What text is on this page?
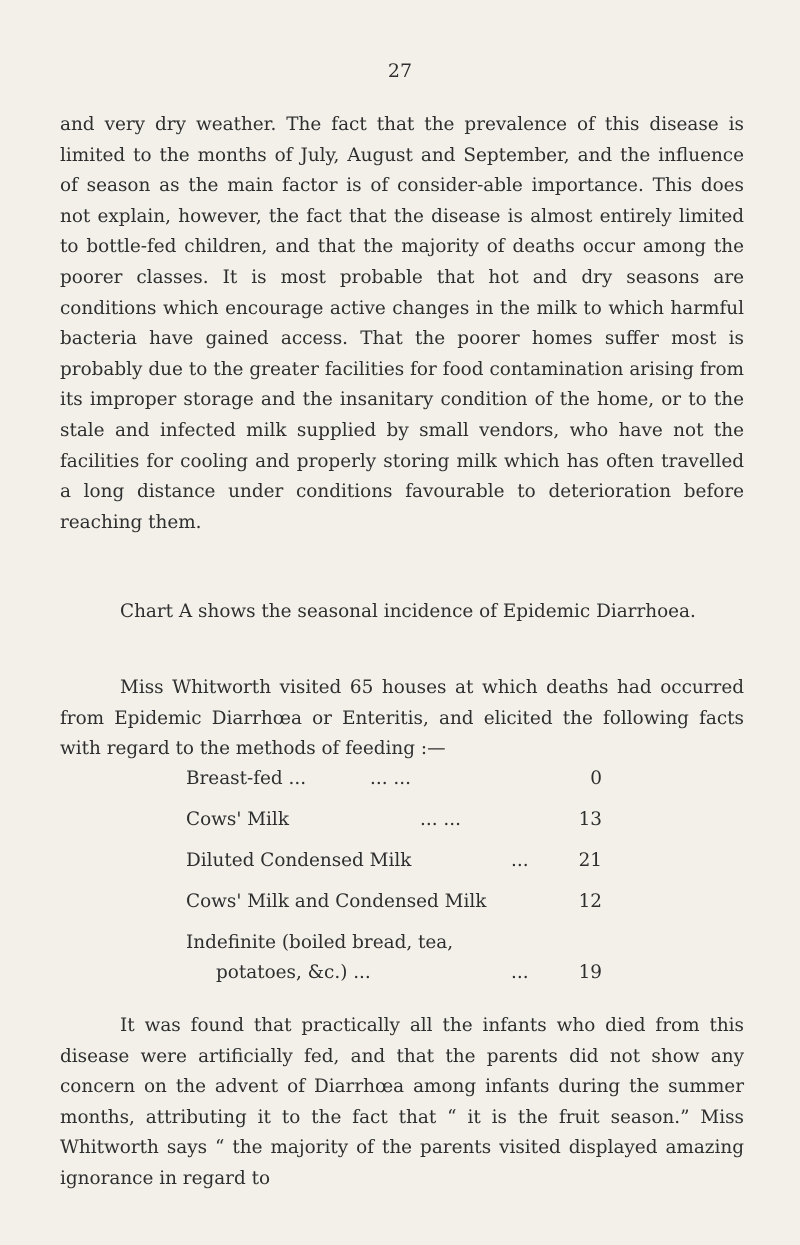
27
and very dry weather. The fact that the prevalence of this disease is limited to the months of July, August and September, and the influence of season as the main factor is of consider-able importance. This does not explain, however, the fact that the disease is almost entirely limited to bottle-fed children, and that the majority of deaths occur among the poorer classes. It is most probable that hot and dry seasons are conditions which encourage active changes in the milk to which harmful bacteria have gained access. That the poorer homes suffer most is probably due to the greater facilities for food contamination arising from its improper storage and the insanitary condition of the home, or to the stale and infected milk supplied by small vendors, who have not the facilities for cooling and properly storing milk which has often travelled a long distance under conditions favourable to deterioration before reaching them.
Chart A shows the seasonal incidence of Epidemic Diarrhoea.
Miss Whitworth visited 65 houses at which deaths had occurred from Epidemic Diarrhœa or Enteritis, and elicited the following facts with regard to the methods of feeding :—
Breast-fed ...	... ...	0
Cows' Milk	... ...	13
Diluted Condensed Milk	...	21
Cows' Milk and Condensed Milk	12
Indefinite (boiled bread, tea,
potatoes, &c.) ...	...	19
It was found that practically all the infants who died from this disease were artificially fed, and that the parents did not show any concern on the advent of Diarrhœa among infants during the summer months, attributing it to the fact that “ it is the fruit season.” Miss Whitworth says “ the majority of the parents visited displayed amazing ignorance in regard to
